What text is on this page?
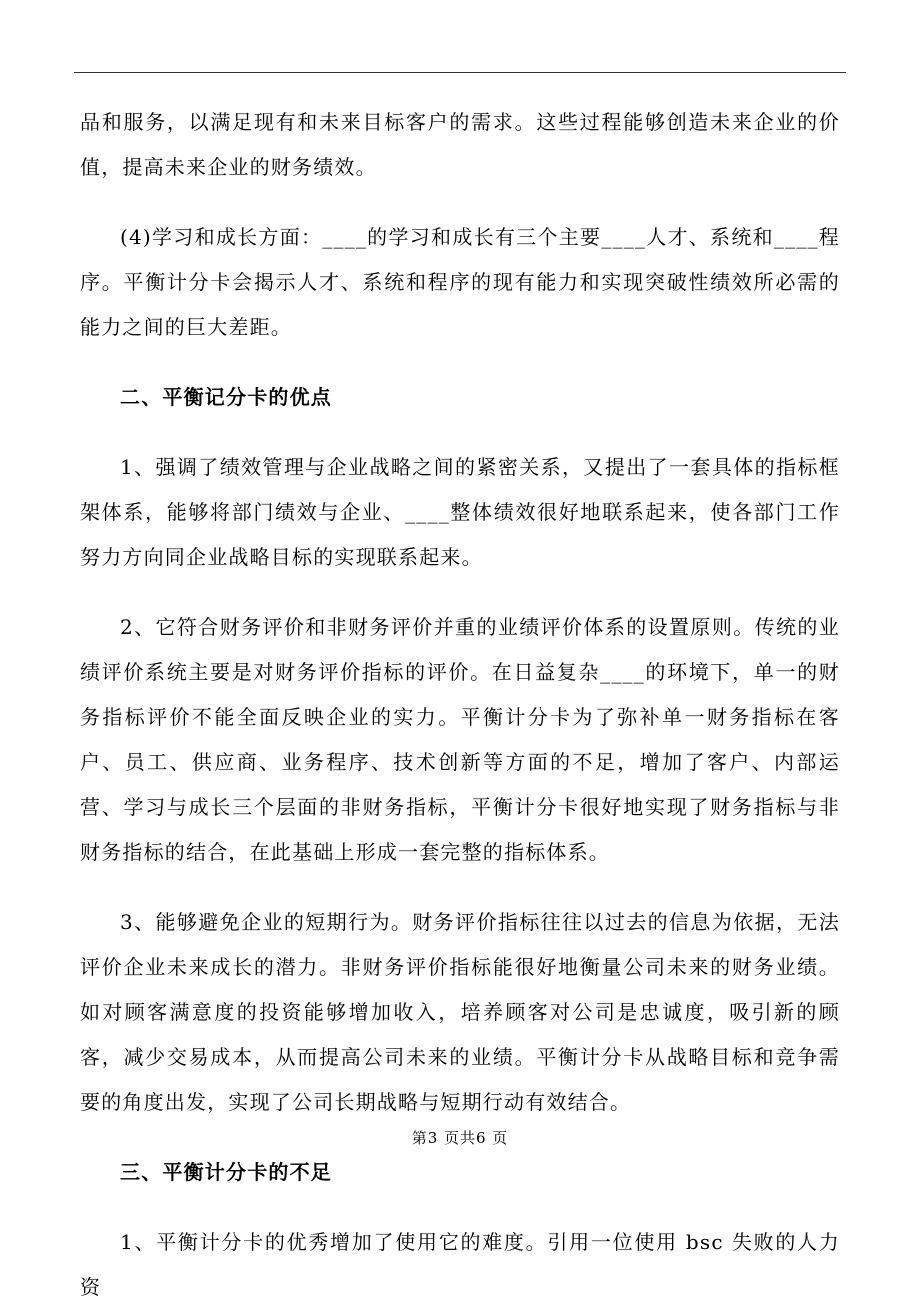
品和服务，以满足现有和未来目标客户的需求。这些过程能够创造未来企业的价值，提高未来企业的财务绩效。

(4)学习和成长方面：____的学习和成长有三个主要____人才、系统和____程序。平衡计分卡会揭示人才、系统和程序的现有能力和实现突破性绩效所必需的能力之间的巨大差距。

二、平衡记分卡的优点

1、强调了绩效管理与企业战略之间的紧密关系，又提出了一套具体的指标框架体系，能够将部门绩效与企业、____整体绩效很好地联系起来，使各部门工作努力方向同企业战略目标的实现联系起来。

2、它符合财务评价和非财务评价并重的业绩评价体系的设置原则。传统的业绩评价系统主要是对财务评价指标的评价。在日益复杂____的环境下，单一的财务指标评价不能全面反映企业的实力。平衡计分卡为了弥补单一财务指标在客户、员工、供应商、业务程序、技术创新等方面的不足，增加了客户、内部运营、学习与成长三个层面的非财务指标，平衡计分卡很好地实现了财务指标与非财务指标的结合，在此基础上形成一套完整的指标体系。

3、能够避免企业的短期行为。财务评价指标往往以过去的信息为依据，无法评价企业未来成长的潜力。非财务评价指标能很好地衡量公司未来的财务业绩。如对顾客满意度的投资能够增加收入，培养顾客对公司是忠诚度，吸引新的顾客，减少交易成本，从而提高公司未来的业绩。平衡计分卡从战略目标和竞争需要的角度出发，实现了公司长期战略与短期行动有效结合。

三、平衡计分卡的不足

1、平衡计分卡的优秀增加了使用它的难度。引用一位使用 bsc 失败的人力资

第3 页共6 页
